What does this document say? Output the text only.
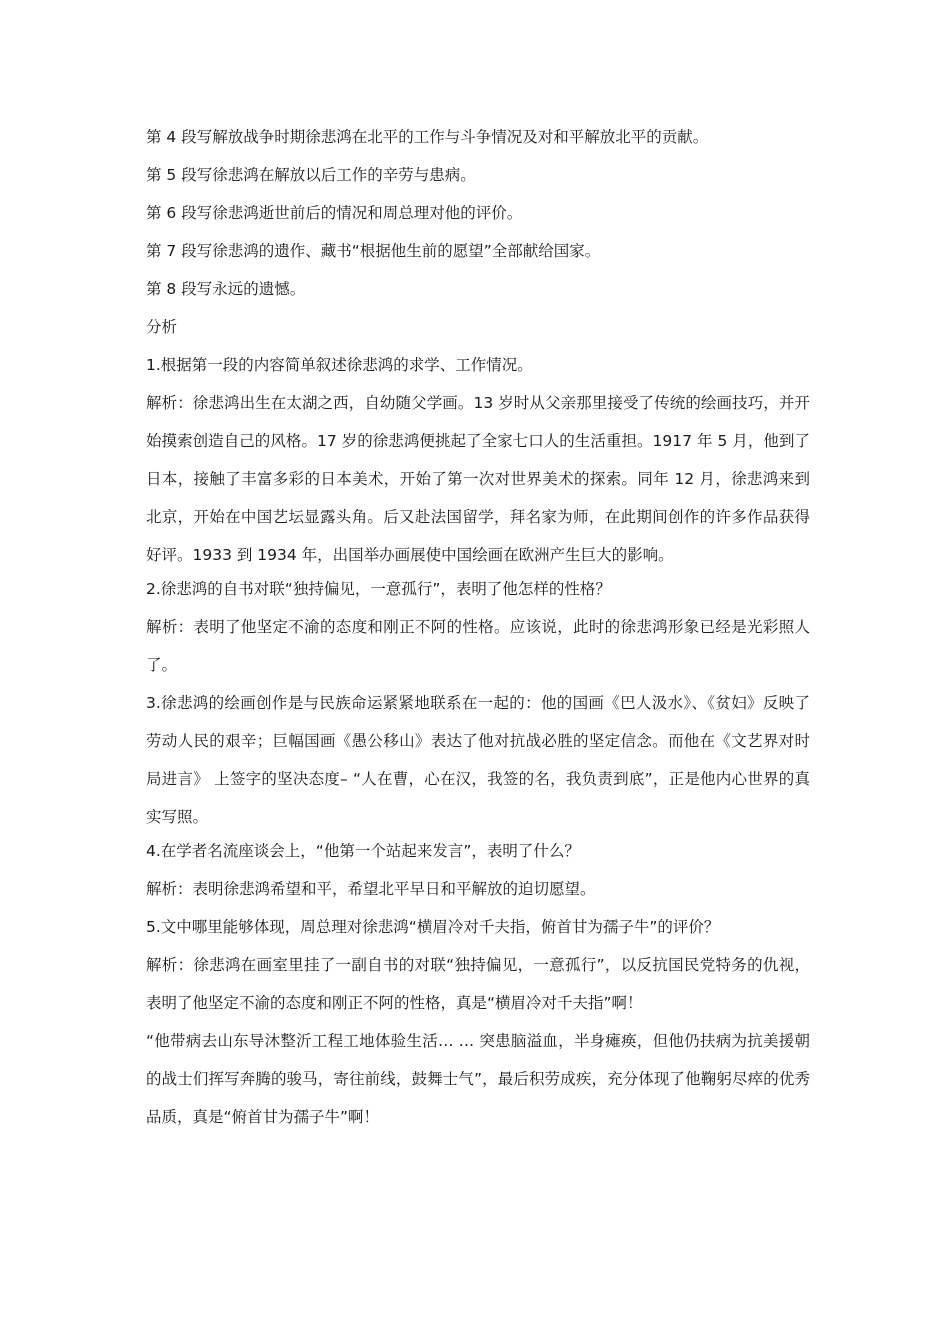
第 4 段写解放战争时期徐悲鸿在北平的工作与斗争情况及对和平解放北平的贡献。

第 5 段写徐悲鸿在解放以后工作的辛劳与患病。

第 6 段写徐悲鸿逝世前后的情况和周总理对他的评价。

第 7 段写徐悲鸿的遗作、藏书“根据他生前的愿望”全部献给国家。

第 8 段写永远的遗憾。

分析

1.根据第一段的内容简单叙述徐悲鸿的求学、工作情况。

解析：徐悲鸿出生在太湖之西，自幼随父学画。13 岁时从父亲那里接受了传统的绘画技巧，并开始摸索创造自己的风格。17 岁的徐悲鸿便挑起了全家七口人的生活重担。1917 年 5 月，他到了日本，接触了丰富多彩的日本美术，开始了第一次对世界美术的探索。同年 12 月，徐悲鸿来到北京，开始在中国艺坛显露头角。后又赴法国留学，拜名家为师，在此期间创作的许多作品获得好评。1933 到 1934 年，出国举办画展使中国绘画在欧洲产生巨大的影响。

2.徐悲鸿的自书对联“独持偏见，一意孤行”，表明了他怎样的性格？

解析：表明了他坚定不渝的态度和刚正不阿的性格。应该说，此时的徐悲鸿形象已经是光彩照人了。

3.徐悲鸿的绘画创作是与民族命运紧紧地联系在一起的：他的国画《巴人汲水》、《贫妇》反映了劳动人民的艰辛；巨幅国画《愚公移山》表达了他对抗战必胜的坚定信念。而他在《文艺界对时局进言》 上签字的坚决态度– “人在曹，心在汉，我签的名，我负责到底”，正是他内心世界的真实写照。

4.在学者名流座谈会上，“他第一个站起来发言”，表明了什么？

解析：表明徐悲鸿希望和平，希望北平早日和平解放的迫切愿望。

5.文中哪里能够体现，周总理对徐悲鸿“横眉冷对千夫指，俯首甘为孺子牛”的评价？

解析：徐悲鸿在画室里挂了一副自书的对联“独持偏见，一意孤行”，以反抗国民党特务的仇视，表明了他坚定不渝的态度和刚正不阿的性格，真是“横眉冷对千夫指”啊！

“他带病去山东导沐整沂工程工地体验生活… … 突患脑溢血，半身瘫痪，但他仍扶病为抗美援朝的战士们挥写奔腾的骏马，寄往前线，鼓舞士气”，最后积劳成疾，充分体现了他鞠躬尽瘁的优秀品质，真是“俯首甘为孺子牛”啊！
